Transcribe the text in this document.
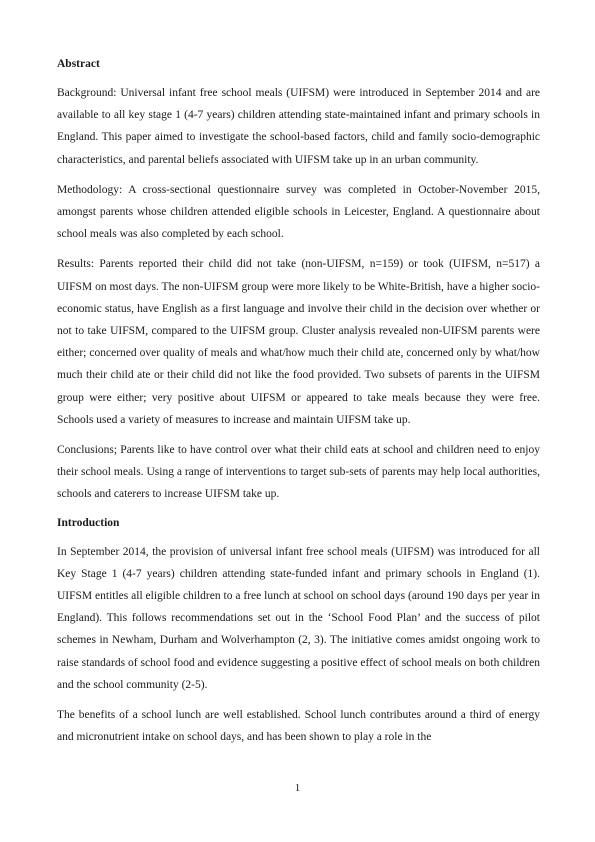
Abstract

Background: Universal infant free school meals (UIFSM) were introduced in September 2014 and are available to all key stage 1 (4-7 years) children attending state-maintained infant and primary schools in England. This paper aimed to investigate the school-based factors, child and family socio-demographic characteristics, and parental beliefs associated with UIFSM take up in an urban community.

Methodology: A cross-sectional questionnaire survey was completed in October-November 2015, amongst parents whose children attended eligible schools in Leicester, England. A questionnaire about school meals was also completed by each school.

Results: Parents reported their child did not take (non-UIFSM, n=159) or took (UIFSM, n=517) a UIFSM on most days. The non-UIFSM group were more likely to be White-British, have a higher socio-economic status, have English as a first language and involve their child in the decision over whether or not to take UIFSM, compared to the UIFSM group. Cluster analysis revealed non-UIFSM parents were either; concerned over quality of meals and what/how much their child ate, concerned only by what/how much their child ate or their child did not like the food provided. Two subsets of parents in the UIFSM group were either; very positive about UIFSM or appeared to take meals because they were free. Schools used a variety of measures to increase and maintain UIFSM take up.

Conclusions; Parents like to have control over what their child eats at school and children need to enjoy their school meals. Using a range of interventions to target sub-sets of parents may help local authorities, schools and caterers to increase UIFSM take up.

Introduction

In September 2014, the provision of universal infant free school meals (UIFSM) was introduced for all Key Stage 1 (4-7 years) children attending state-funded infant and primary schools in England (1). UIFSM entitles all eligible children to a free lunch at school on school days (around 190 days per year in England). This follows recommendations set out in the ‘School Food Plan’ and the success of pilot schemes in Newham, Durham and Wolverhampton (2, 3). The initiative comes amidst ongoing work to raise standards of school food and evidence suggesting a positive effect of school meals on both children and the school community (2-5).

The benefits of a school lunch are well established. School lunch contributes around a third of energy and micronutrient intake on school days, and has been shown to play a role in the

1
